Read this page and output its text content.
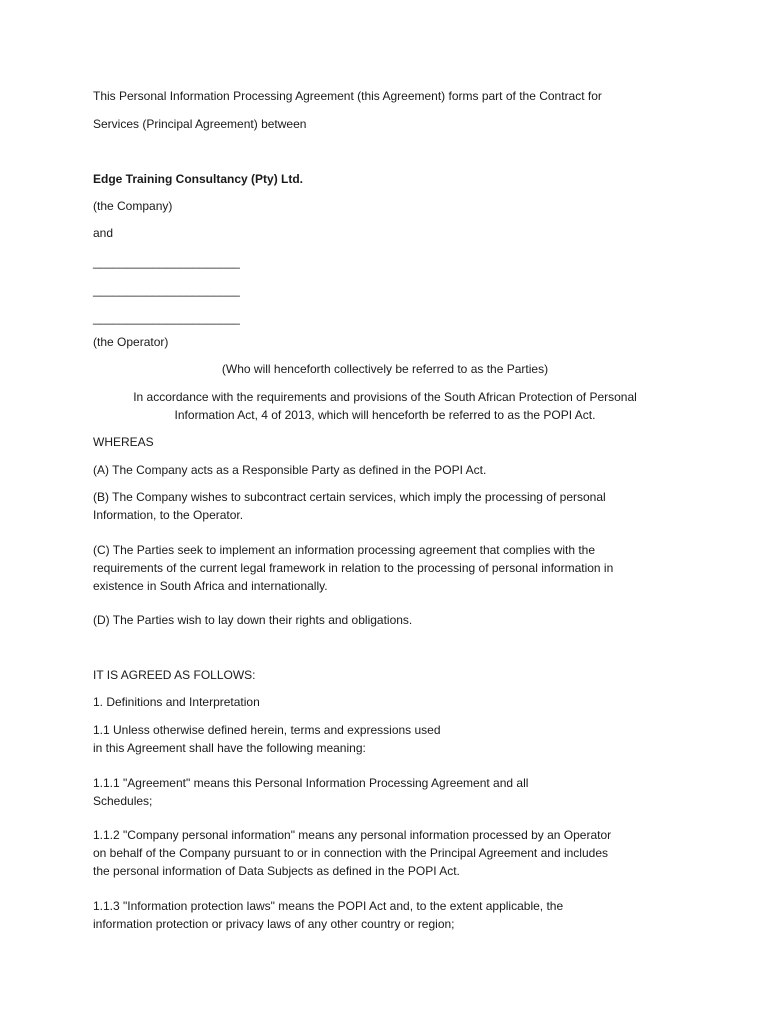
This Personal Information Processing Agreement (this Agreement) forms part of the Contract for
Services (Principal Agreement) between
Edge Training Consultancy (Pty) Ltd.
(the Company)
and
______________________
______________________
______________________
(the Operator)
(Who will henceforth collectively be referred to as the Parties)
In accordance with the requirements and provisions of the South African Protection of Personal
Information Act, 4 of 2013, which will henceforth be referred to as the POPI Act.
WHEREAS
(A) The Company acts as a Responsible Party as defined in the POPI Act.
(B) The Company wishes to subcontract certain services, which imply the processing of personal
Information, to the Operator.
(C) The Parties seek to implement an information processing agreement that complies with the
requirements of the current legal framework in relation to the processing of personal information in
existence in South Africa and internationally.
(D) The Parties wish to lay down their rights and obligations.
IT IS AGREED AS FOLLOWS:
1. Definitions and Interpretation
1.1 Unless otherwise defined herein, terms and expressions used
in this Agreement shall have the following meaning:
1.1.1 "Agreement" means this Personal Information Processing Agreement and all
Schedules;
1.1.2 "Company personal information" means any personal information processed by an Operator
on behalf of the Company pursuant to or in connection with the Principal Agreement and includes
the personal information of Data Subjects as defined in the POPI Act.
1.1.3 "Information protection laws" means the POPI Act and, to the extent applicable, the
information protection or privacy laws of any other country or region;
